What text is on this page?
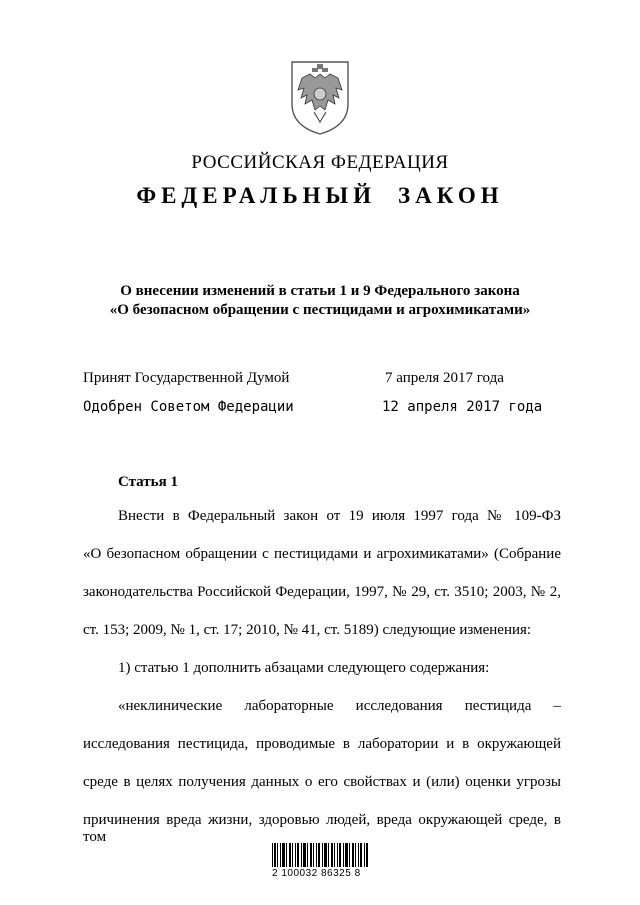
РОССИЙСКАЯ ФЕДЕРАЦИЯ
ФЕДЕРАЛЬНЫЙ ЗАКОН
О внесении изменений в статьи 1 и 9 Федерального закона
«О безопасном обращении с пестицидами и агрохимикатами»
Принят Государственной Думой	7 апреля 2017 года
Одобрен Советом Федерации	12 апреля 2017 года
Статья 1
Внести в Федеральный закон от 19 июля 1997 года № 109-ФЗ
«О безопасном обращении с пестицидами и агрохимикатами» (Собрание
законодательства Российской Федерации, 1997, № 29, ст. 3510; 2003, № 2,
ст. 153; 2009, № 1, ст. 17; 2010, № 41, ст. 5189) следующие изменения:
1) статью 1 дополнить абзацами следующего содержания:
«неклинические лабораторные исследования пестицида –
исследования пестицида, проводимые в лаборатории и в окружающей
среде в целях получения данных о его свойствах и (или) оценки угрозы
причинения вреда жизни, здоровью людей, вреда окружающей среде, в том
2 100032 86325 8
